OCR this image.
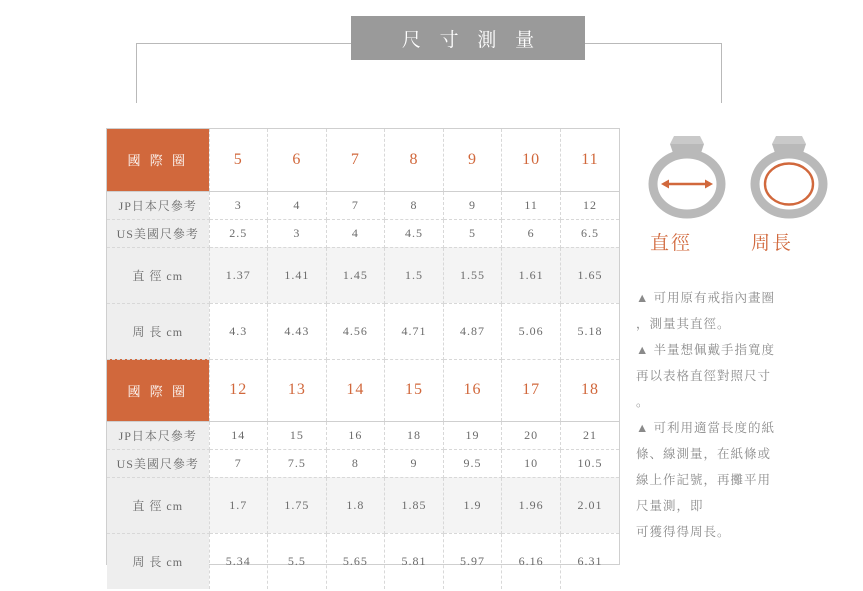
尺 寸 測 量
國 際 圈	5	6	7	8	9	10	11
JP日本尺參考	3	4	7	8	9	11	12
US美國尺參考	2.5	3	4	4.5	5	6	6.5
直 徑 cm	1.37	1.41	1.45	1.5	1.55	1.61	1.65
周 長 cm	4.3	4.43	4.56	4.71	4.87	5.06	5.18
國 際 圈	12	13	14	15	16	17	18
JP日本尺參考	14	15	16	18	19	20	21
US美國尺參考	7	7.5	8	9	9.5	10	10.5
直 徑 cm	1.7	1.75	1.8	1.85	1.9	1.96	2.01
周 長 cm	5.34	5.5	5.65	5.81	5.97	6.16	6.31
直徑	周長

▲ 可用原有戒指內畫圈

，測量其直徑。

▲ 半量想佩戴手指寬度

再以表格直徑對照尺寸

。

▲ 可利用適當長度的紙

條、線測量，在紙條或

線上作記號，再攤平用

尺量測，即

可獲得得周長。
